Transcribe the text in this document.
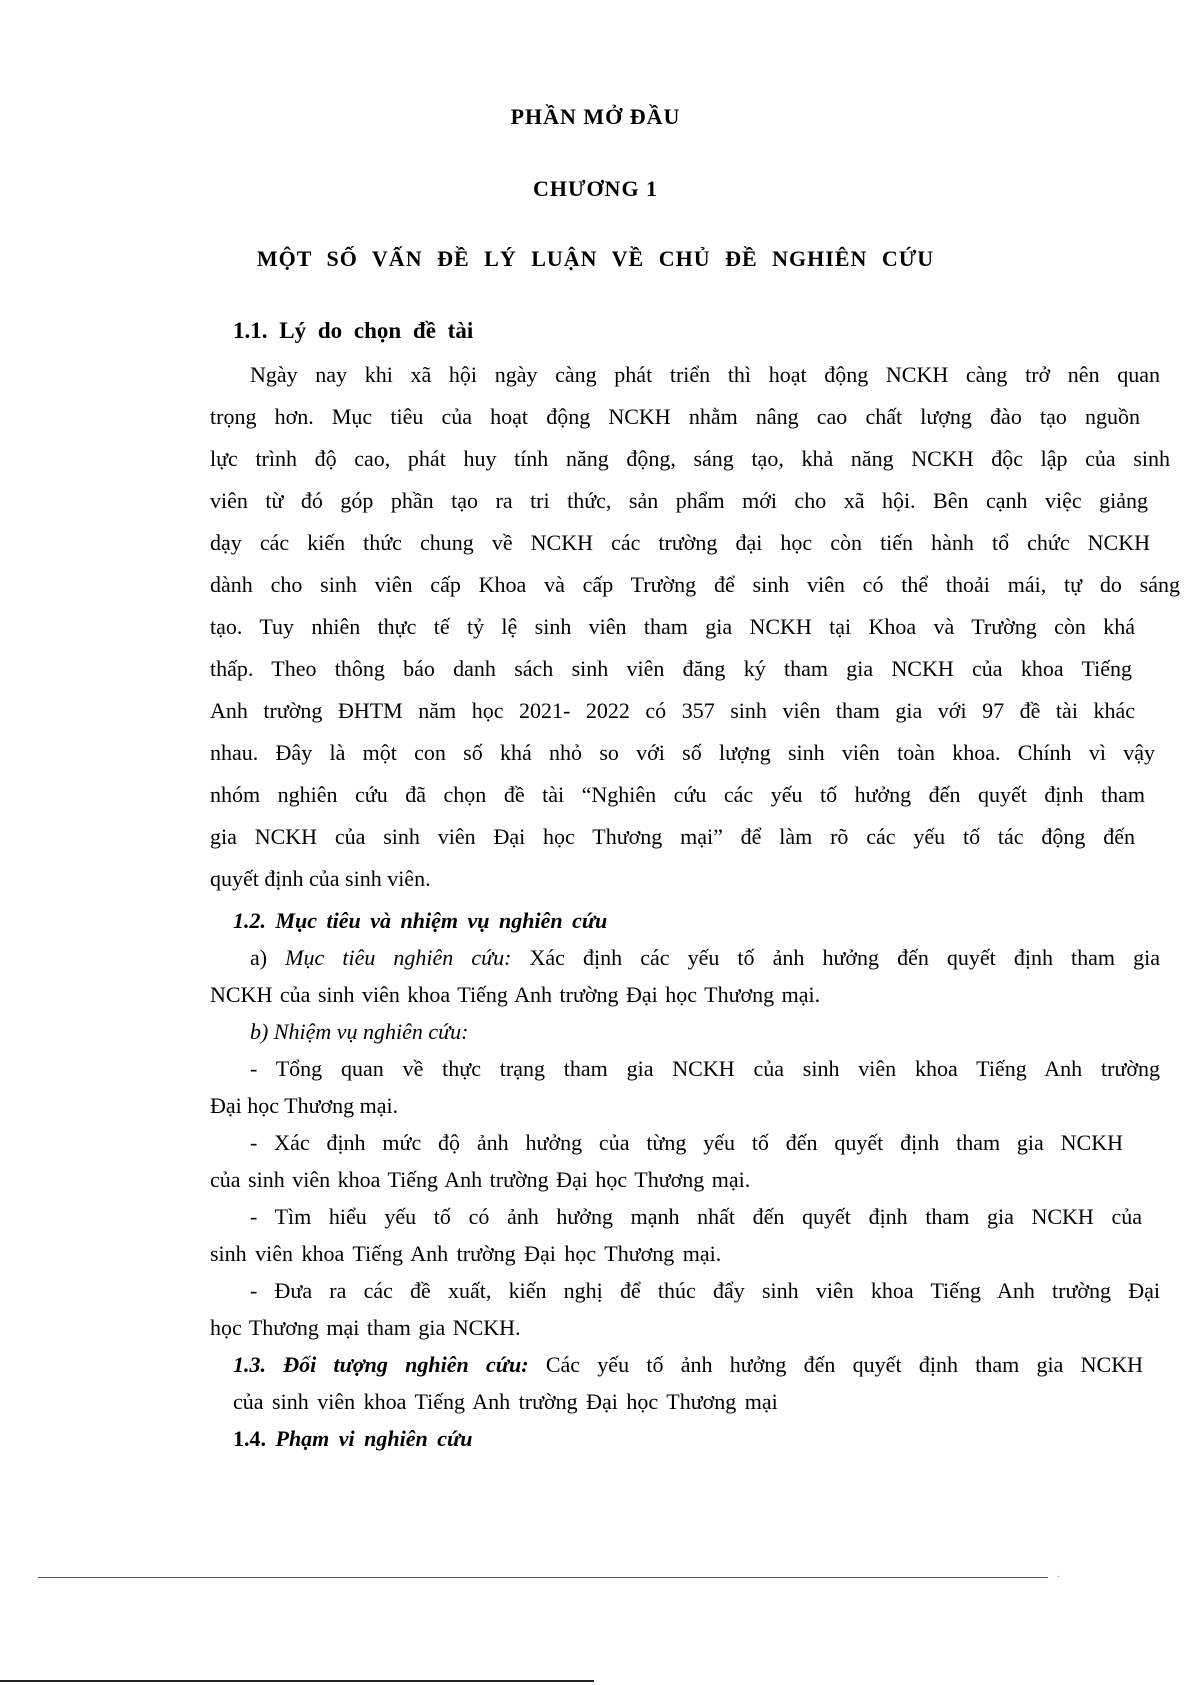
PHẦN MỞ ĐẦU
CHƯƠNG 1
MỘT SỐ VẤN ĐỀ LÝ LUẬN VỀ CHỦ ĐỀ NGHIÊN CỨU
1.1. Lý do chọn đề tài
Ngày nay khi xã hội ngày càng phát triển thì hoạt động NCKH càng trở nên quan
trọng hơn. Mục tiêu của hoạt động NCKH nhằm nâng cao chất lượng đào tạo nguồn
lực trình độ cao, phát huy tính năng động, sáng tạo, khả năng NCKH độc lập của sinh
viên từ đó góp phần tạo ra tri thức, sản phẩm mới cho xã hội. Bên cạnh việc giảng
dạy các kiến thức chung về NCKH các trường đại học còn tiến hành tổ chức NCKH
dành cho sinh viên cấp Khoa và cấp Trường để sinh viên có thể thoải mái, tự do sáng
tạo. Tuy nhiên thực tế tỷ lệ sinh viên tham gia NCKH tại Khoa và Trường còn khá
thấp. Theo thông báo danh sách sinh viên đăng ký tham gia NCKH của khoa Tiếng
Anh trường ĐHTM năm học 2021- 2022 có 357 sinh viên tham gia với 97 đề tài khác
nhau. Đây là một con số khá nhỏ so với số lượng sinh viên toàn khoa. Chính vì vậy
nhóm nghiên cứu đã chọn đề tài “Nghiên cứu các yếu tố hưởng đến quyết định tham
gia NCKH của sinh viên Đại học Thương mại” để làm rõ các yếu tố tác động đến
quyết định của sinh viên.
1.2. Mục tiêu và nhiệm vụ nghiên cứu
a) Mục tiêu nghiên cứu: Xác định các yếu tố ảnh hưởng đến quyết định tham gia
NCKH của sinh viên khoa Tiếng Anh trường Đại học Thương mại.
b) Nhiệm vụ nghiên cứu:
- Tổng quan về thực trạng tham gia NCKH của sinh viên khoa Tiếng Anh trường
Đại học Thương mại.
- Xác định mức độ ảnh hưởng của từng yếu tố đến quyết định tham gia NCKH
của sinh viên khoa Tiếng Anh trường Đại học Thương mại.
- Tìm hiểu yếu tố có ảnh hưởng mạnh nhất đến quyết định tham gia NCKH của
sinh viên khoa Tiếng Anh trường Đại học Thương mại.
- Đưa ra các đề xuất, kiến nghị để thúc đẩy sinh viên khoa Tiếng Anh trường Đại
học Thương mại tham gia NCKH.
1.3. Đối tượng nghiên cứu: Các yếu tố ảnh hưởng đến quyết định tham gia NCKH
của sinh viên khoa Tiếng Anh trường Đại học Thương mại
1.4. Phạm vi nghiên cứu
·
